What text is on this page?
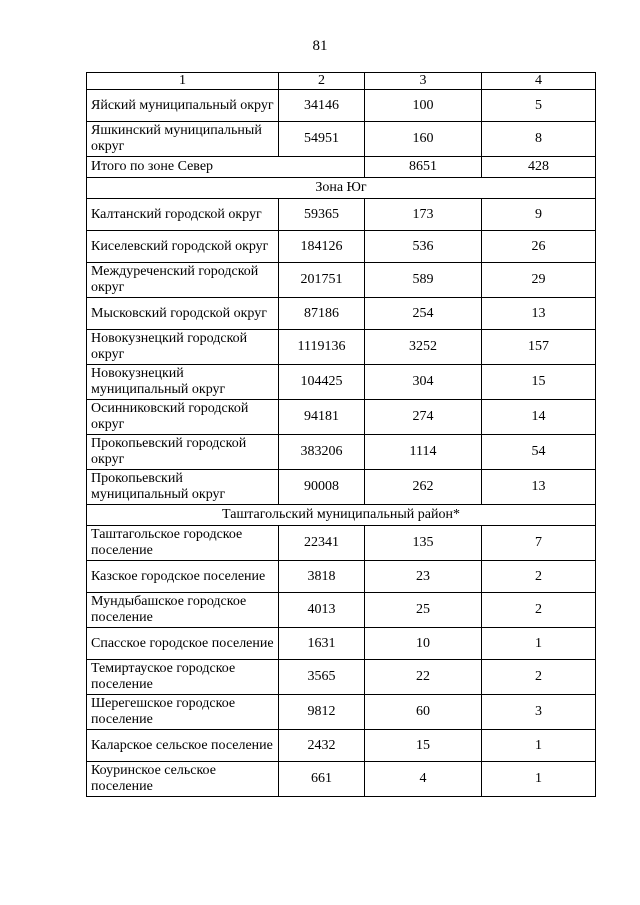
81
1	2	3	4
Яйский муниципальный округ	34146	100	5
Яшкинский муниципальный округ	54951	160	8
Итого по зоне Север		8651	428
Зона Юг			
Калтанский городской округ	59365	173	9
Киселевский городской округ	184126	536	26
Междуреченский городской округ	201751	589	29
Мысковский городской округ	87186	254	13
Новокузнецкий городской округ	1119136	3252	157
Новокузнецкий муниципальный округ	104425	304	15
Осинниковский городской округ	94181	274	14
Прокопьевский городской округ	383206	1114	54
Прокопьевский муниципальный округ	90008	262	13
Таштагольский муниципальный район*			
Таштагольское городское поселение	22341	135	7
Казское городское поселение	3818	23	2
Мундыбашское городское поселение	4013	25	2
Спасское городское поселение	1631	10	1
Темиртауское городское поселение	3565	22	2
Шерегешское городское поселение	9812	60	3
Каларское сельское поселение	2432	15	1
Коуринское сельское поселение	661	4	1
